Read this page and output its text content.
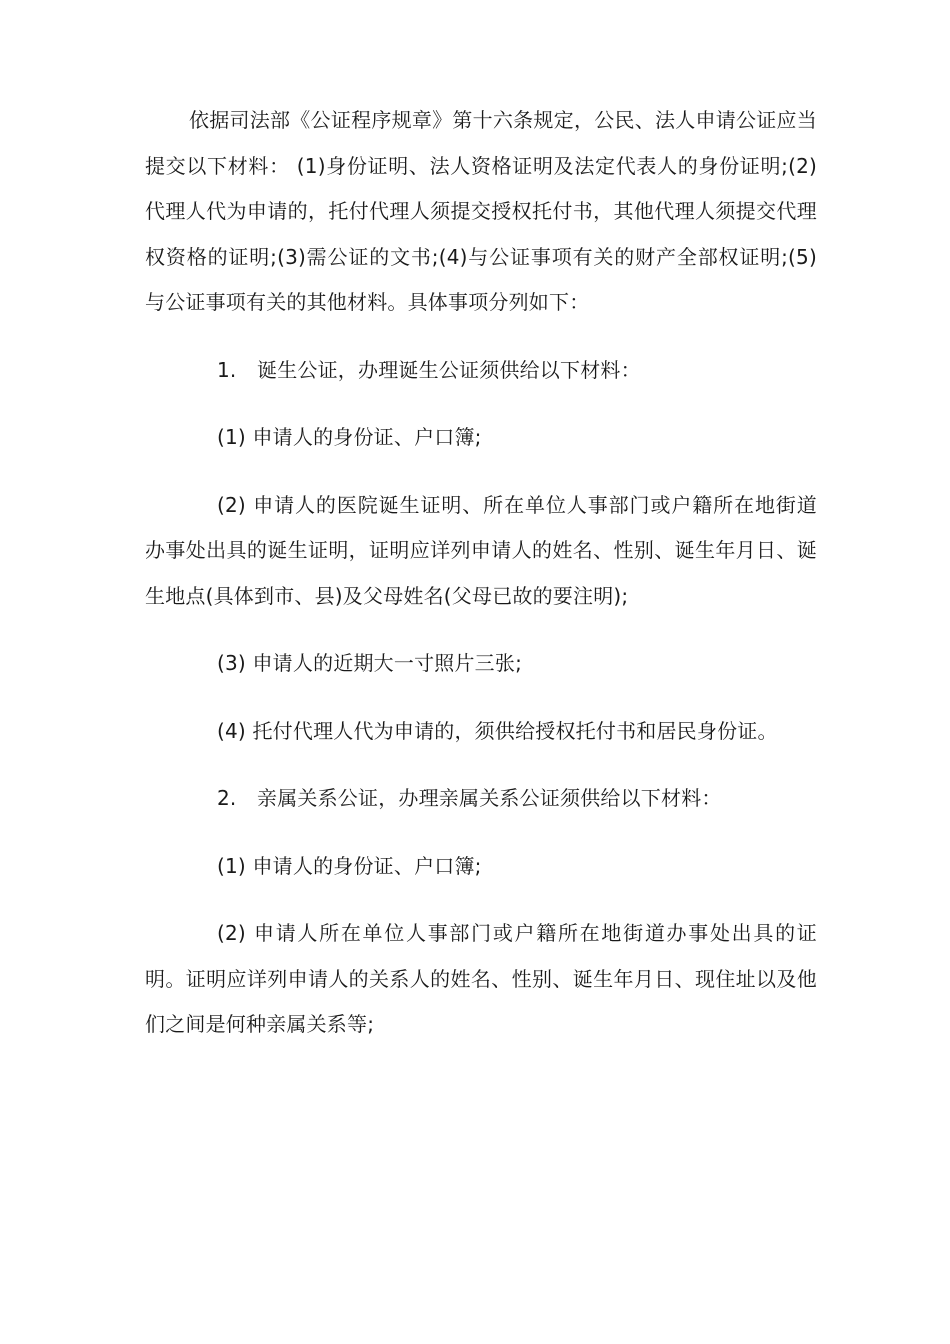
依据司法部《公证程序规章》第十六条规定，公民、法人申请公证应当提交以下材料： (1)身份证明、法人资格证明及法定代表人的身份证明;(2)代理人代为申请的，托付代理人须提交授权托付书，其他代理人须提交代理权资格的证明;(3)需公证的文书;(4)与公证事项有关的财产全部权证明;(5)与公证事项有关的其他材料。具体事项分列如下：

1. 诞生公证，办理诞生公证须供给以下材料：

(1) 申请人的身份证、户口簿;

(2) 申请人的医院诞生证明、所在单位人事部门或户籍所在地街道办事处出具的诞生证明，证明应详列申请人的姓名、性别、诞生年月日、诞生地点(具体到市、县)及父母姓名(父母已故的要注明);

(3) 申请人的近期大一寸照片三张;

(4) 托付代理人代为申请的，须供给授权托付书和居民身份证。

2. 亲属关系公证，办理亲属关系公证须供给以下材料：

(1) 申请人的身份证、户口簿;

(2) 申请人所在单位人事部门或户籍所在地街道办事处出具的证明。证明应详列申请人的关系人的姓名、性别、诞生年月日、现住址以及他们之间是何种亲属关系等;
